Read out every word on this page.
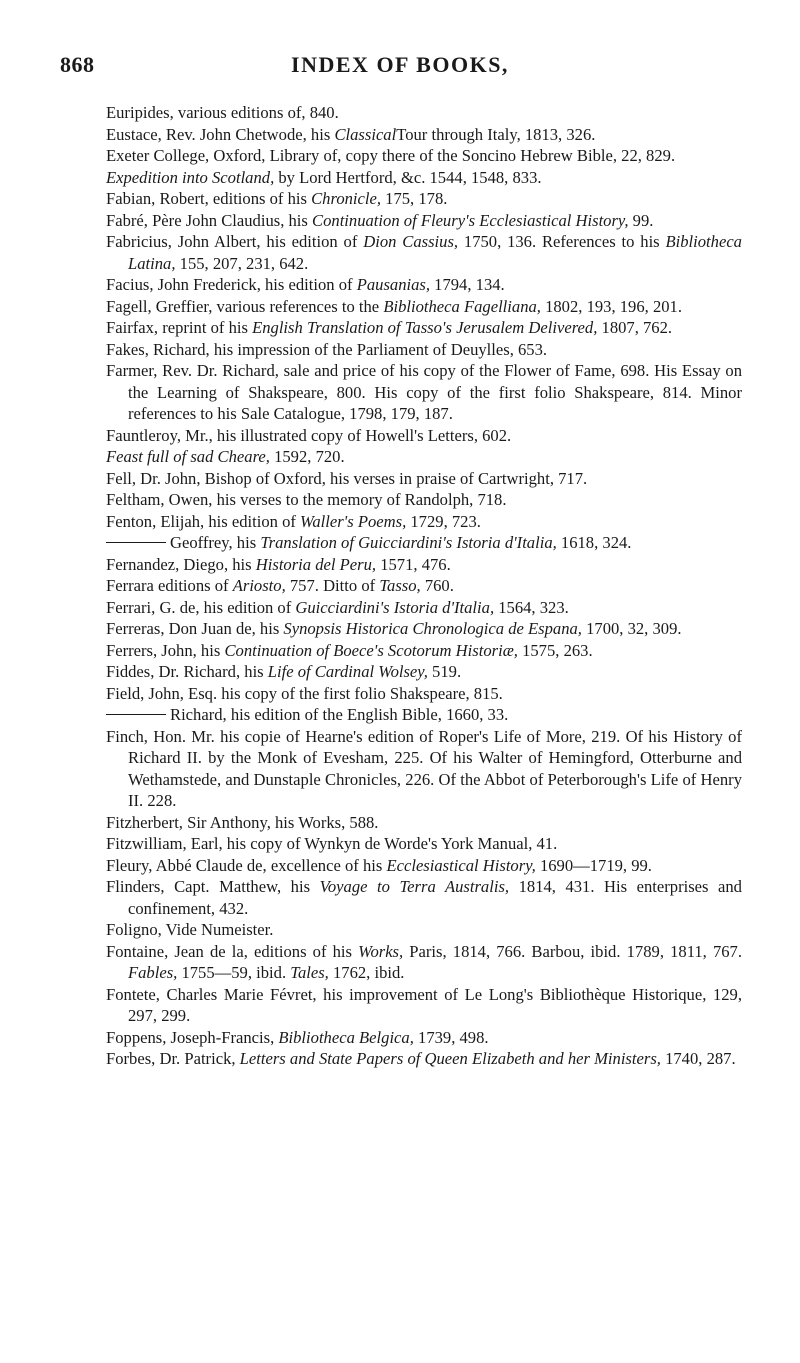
868	INDEX OF BOOKS,
Euripides, various editions of, 840.
Eustace, Rev. John Chetwode, his ClassicalTour through Italy, 1813, 326.
Exeter College, Oxford, Library of, copy there of the Soncino Hebrew Bible, 22, 829.
Expedition into Scotland, by Lord Hertford, &c. 1544, 1548, 833.
Fabian, Robert, editions of his Chronicle, 175, 178.
Fabré, Père John Claudius, his Continuation of Fleury's Ecclesiastical History, 99.
Fabricius, John Albert, his edition of Dion Cassius, 1750, 136. References to his Bibliotheca Latina, 155, 207, 231, 642.
Facius, John Frederick, his edition of Pausanias, 1794, 134.
Fagell, Greffier, various references to the Bibliotheca Fagelliana, 1802, 193, 196, 201.
Fairfax, reprint of his English Translation of Tasso's Jerusalem Delivered, 1807, 762.
Fakes, Richard, his impression of the Parliament of Deuylles, 653.
Farmer, Rev. Dr. Richard, sale and price of his copy of the Flower of Fame, 698. His Essay on the Learning of Shakspeare, 800. His copy of the first folio Shakspeare, 814. Minor references to his Sale Catalogue, 1798, 179, 187.
Fauntleroy, Mr., his illustrated copy of Howell's Letters, 602.
Feast full of sad Cheare, 1592, 720.
Fell, Dr. John, Bishop of Oxford, his verses in praise of Cartwright, 717.
Feltham, Owen, his verses to the memory of Randolph, 718.
Fenton, Elijah, his edition of Waller's Poems, 1729, 723.
Geoffrey, his Translation of Guicciardini's Istoria d'Italia, 1618, 324.
Fernandez, Diego, his Historia del Peru, 1571, 476.
Ferrara editions of Ariosto, 757. Ditto of Tasso, 760.
Ferrari, G. de, his edition of Guicciardini's Istoria d'Italia, 1564, 323.
Ferreras, Don Juan de, his Synopsis Historica Chronologica de Espana, 1700, 32, 309.
Ferrers, John, his Continuation of Boece's Scotorum Historiæ, 1575, 263.
Fiddes, Dr. Richard, his Life of Cardinal Wolsey, 519.
Field, John, Esq. his copy of the first folio Shakspeare, 815.
Richard, his edition of the English Bible, 1660, 33.
Finch, Hon. Mr. his copie of Hearne's edition of Roper's Life of More, 219. Of his History of Richard II. by the Monk of Evesham, 225. Of his Walter of Hemingford, Otterburne and Wethamstede, and Dunstaple Chronicles, 226. Of the Abbot of Peterborough's Life of Henry II. 228.
Fitzherbert, Sir Anthony, his Works, 588.
Fitzwilliam, Earl, his copy of Wynkyn de Worde's York Manual, 41.
Fleury, Abbé Claude de, excellence of his Ecclesiastical History, 1690—1719, 99.
Flinders, Capt. Matthew, his Voyage to Terra Australis, 1814, 431. His enterprises and confinement, 432.
Foligno, Vide Numeister.
Fontaine, Jean de la, editions of his Works, Paris, 1814, 766. Barbou, ibid. 1789, 1811, 767. Fables, 1755—59, ibid. Tales, 1762, ibid.
Fontete, Charles Marie Févret, his improvement of Le Long's Bibliothèque Historique, 129, 297, 299.
Foppens, Joseph-Francis, Bibliotheca Belgica, 1739, 498.
Forbes, Dr. Patrick, Letters and State Papers of Queen Elizabeth and her Ministers, 1740, 287.
